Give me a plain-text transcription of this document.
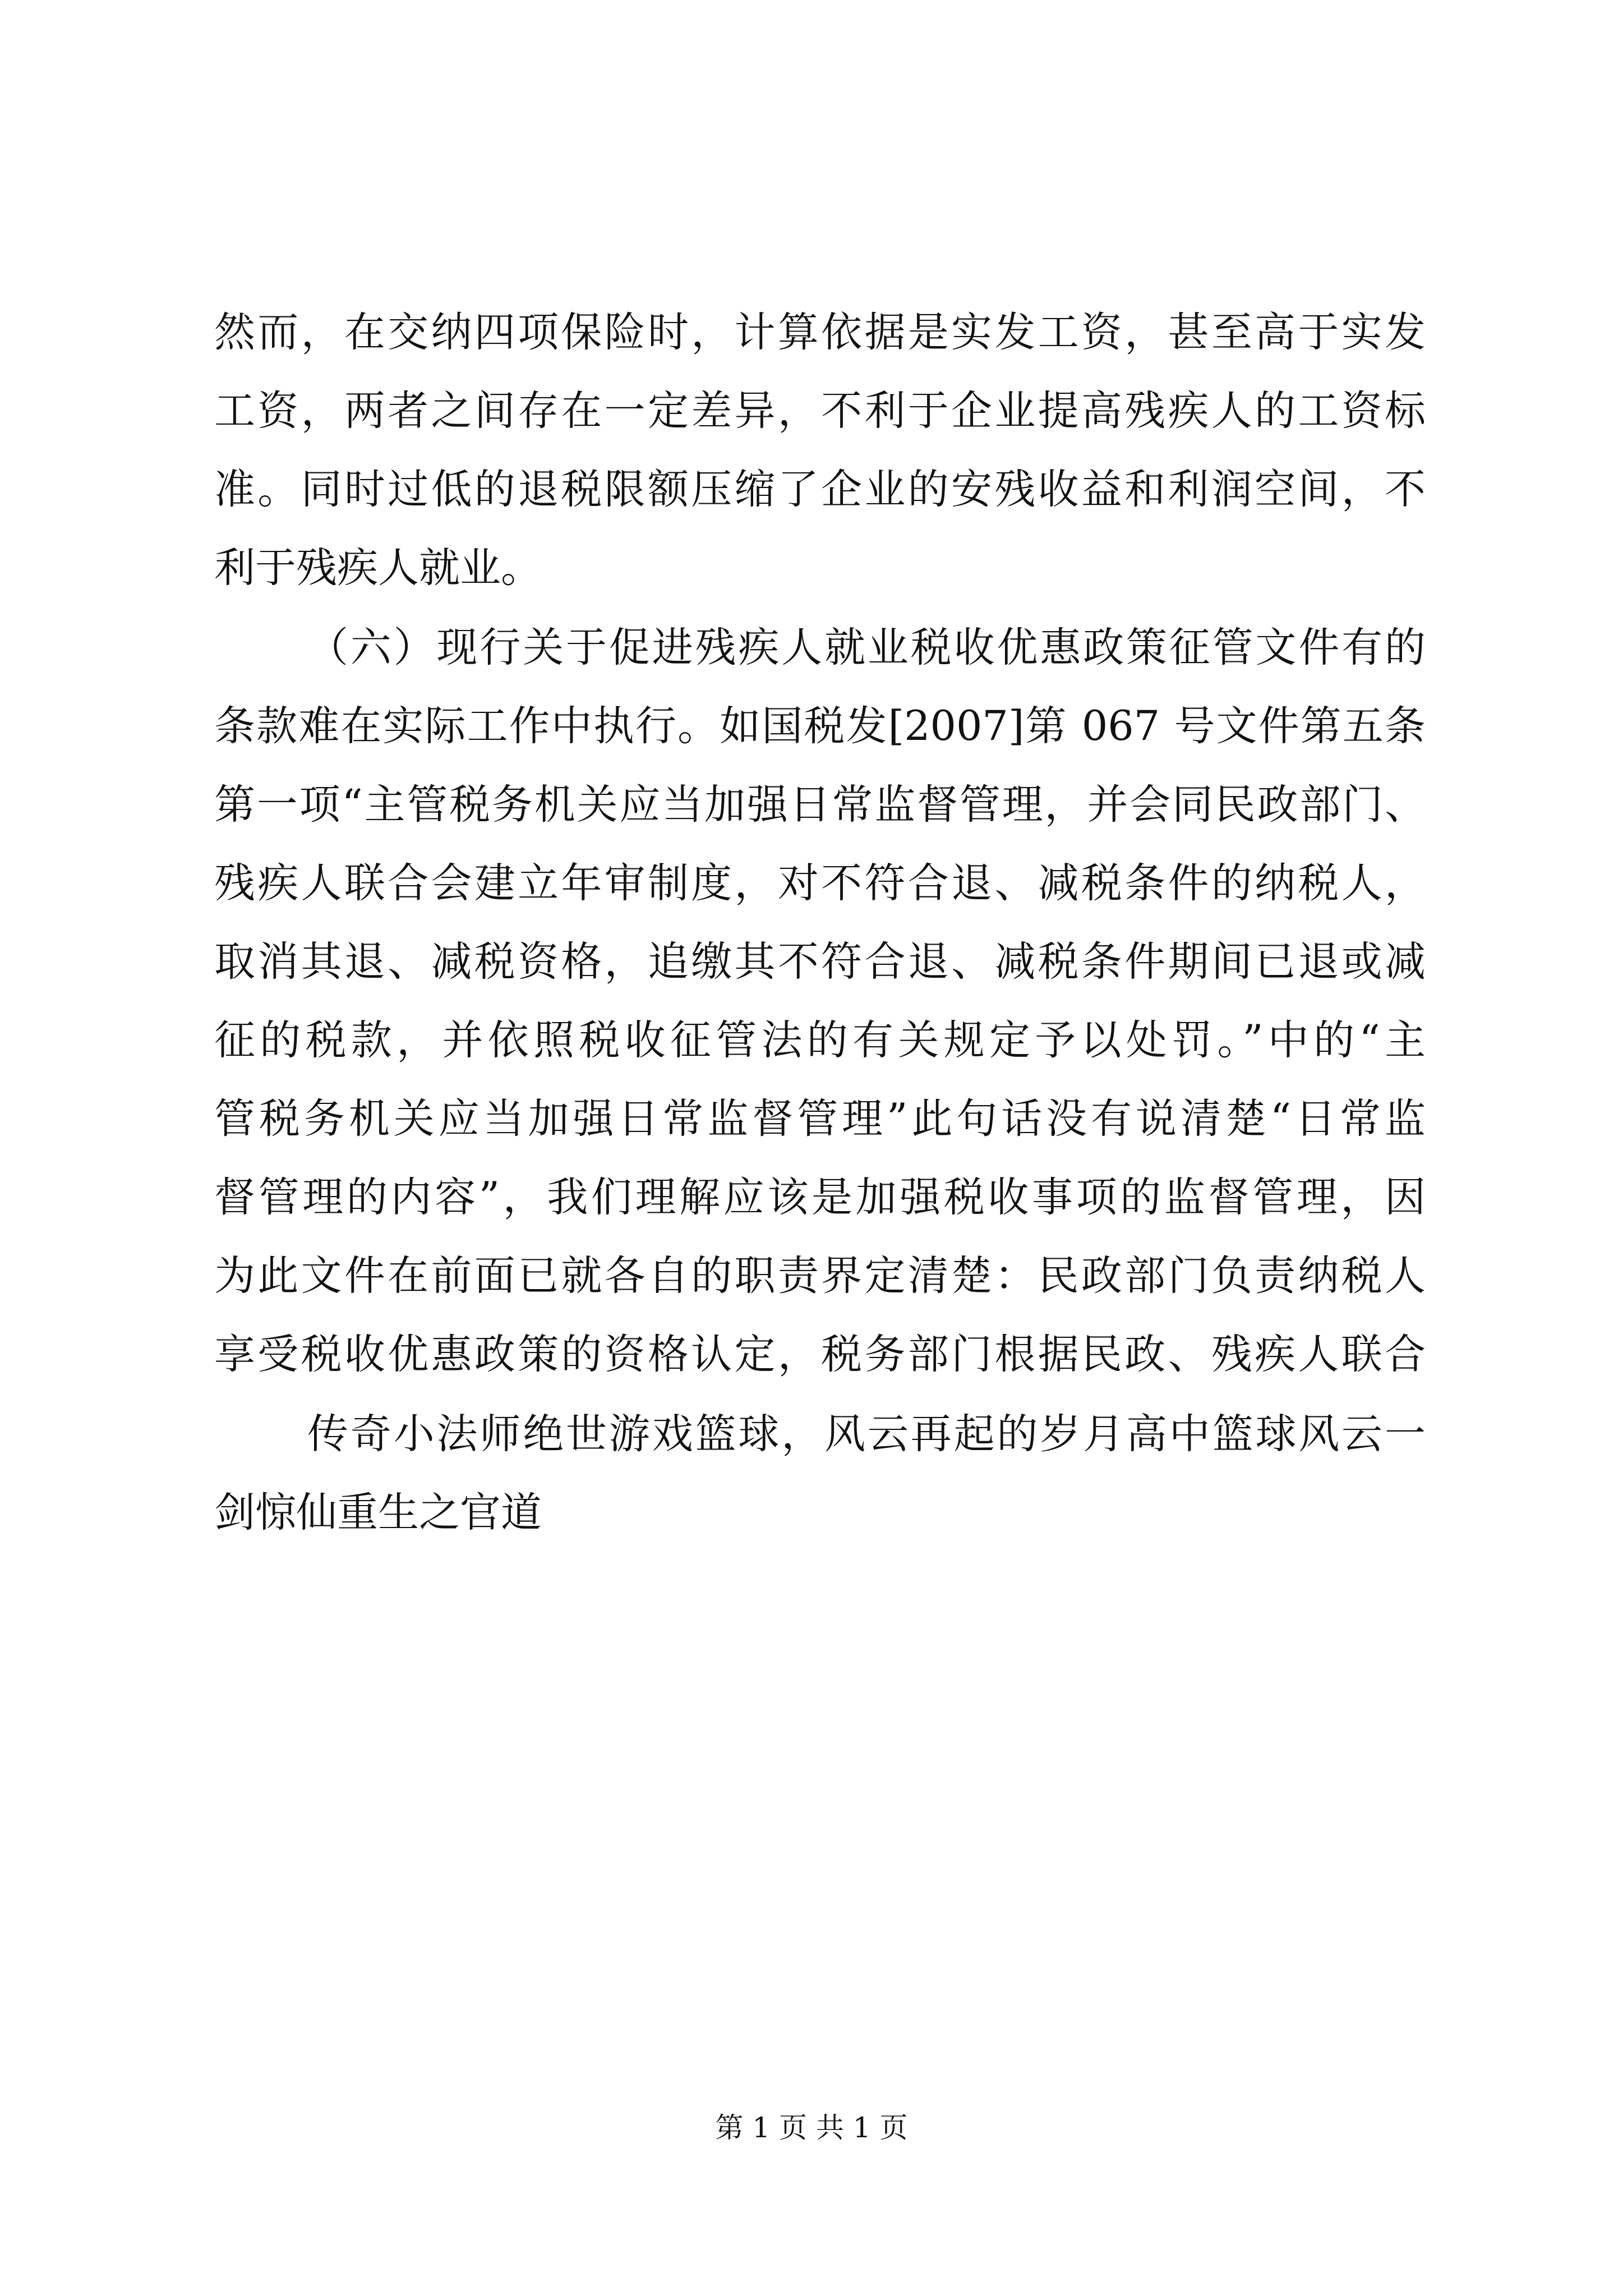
然而，在交纳四项保险时，计算依据是实发工资，甚至高于实发
工资，两者之间存在一定差异，不利于企业提高残疾人的工资标
准。同时过低的退税限额压缩了企业的安残收益和利润空间，不
利于残疾人就业。
（六）现行关于促进残疾人就业税收优惠政策征管文件有的
条款难在实际工作中执行。如国税发[2007]第 067 号文件第五条
第一项“主管税务机关应当加强日常监督管理，并会同民政部门、
残疾人联合会建立年审制度，对不符合退、减税条件的纳税人，
取消其退、减税资格，追缴其不符合退、减税条件期间已退或减
征的税款，并依照税收征管法的有关规定予以处罚。”中的“主
管税务机关应当加强日常监督管理”此句话没有说清楚“日常监
督管理的内容”，我们理解应该是加强税收事项的监督管理，因
为此文件在前面已就各自的职责界定清楚：民政部门负责纳税人
享受税收优惠政策的资格认定，税务部门根据民政、残疾人联合
传奇小法师绝世游戏篮球，风云再起的岁月高中篮球风云一
剑惊仙重生之官道
第 1 页 共 1 页
